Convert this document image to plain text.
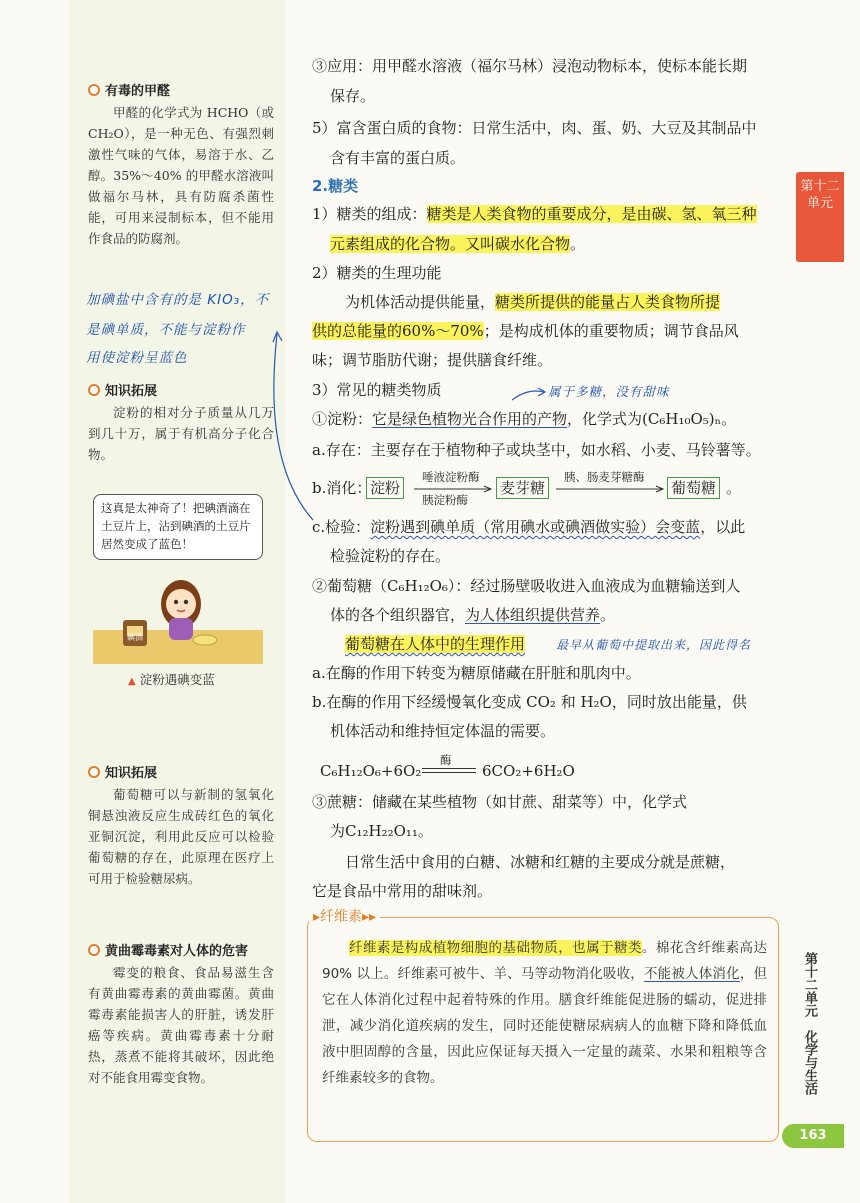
有毒的甲醛
甲醛的化学式为 HCHO（或 CH₂O），是一种无色、有强烈刺激性气味的气体，易溶于水、乙醇。35%～40% 的甲醛水溶液叫做福尔马林，具有防腐杀菌性能，可用来浸制标本，但不能用作食品的防腐剂。
加碘盐中含有的是 KIO₃，不
是碘单质，不能与淀粉作
用使淀粉呈蓝色
知识拓展
淀粉的相对分子质量从几万到几十万，属于有机高分子化合物。
这真是太神奇了！把碘酒滴在土豆片上，沾到碘酒的土豆片居然变成了蓝色！
碘酒
▲ 淀粉遇碘变蓝
知识拓展
葡萄糖可以与新制的氢氧化铜悬浊液反应生成砖红色的氧化亚铜沉淀，利用此反应可以检验葡萄糖的存在，此原理在医疗上可用于检验糖尿病。
黄曲霉毒素对人体的危害
霉变的粮食、食品易滋生含有黄曲霉毒素的黄曲霉菌。黄曲霉毒素能损害人的肝脏，诱发肝癌等疾病。黄曲霉毒素十分耐热，蒸煮不能将其破坏，因此绝对不能食用霉变食物。
③应用：用甲醛水溶液（福尔马林）浸泡动物标本，使标本能长期
保存。
5）富含蛋白质的食物：日常生活中，肉、蛋、奶、大豆及其制品中
含有丰富的蛋白质。
2.糖类
1）糖类的组成：糖类是人类食物的重要成分，是由碳、氢、氧三种
元素组成的化合物。又叫碳水化合物。
2）糖类的生理功能
为机体活动提供能量，糖类所提供的能量占人类食物所提
供的总能量的60%～70%；是构成机体的重要物质；调节食品风
味；调节脂肪代谢；提供膳食纤维。
3）常见的糖类物质	属于多糖，没有甜味
①淀粉：它是绿色植物光合作用的产物，化学式为(C₆H₁₀O₅)ₙ。
a.存在：主要存在于植物种子或块茎中，如水稻、小麦、马铃薯等。
b.消化：
淀粉
唾液淀粉酶
胰淀粉酶
麦芽糖
胰、肠麦芽糖酶
葡萄糖 。
c.检验：淀粉遇到碘单质（常用碘水或碘酒做实验）会变蓝，以此
检验淀粉的存在。
②葡萄糖（C₆H₁₂O₆）：经过肠壁吸收进入血液成为血糖输送到人
体的各个组织器官，为人体组织提供营养。
葡萄糖在人体中的生理作用	最早从葡萄中提取出来，因此得名
a.在酶的作用下转变为糖原储藏在肝脏和肌肉中。
b.在酶的作用下经缓慢氧化变成 CO₂ 和 H₂O，同时放出能量，供
机体活动和维持恒定体温的需要。
C₆H₁₂O₆+6O₂
酶
6CO₂+6H₂O
③蔗糖：储藏在某些植物（如甘蔗、甜菜等）中，化学式
为C₁₂H₂₂O₁₁。
日常生活中食用的白糖、冰糖和红糖的主要成分就是蔗糖，
它是食品中常用的甜味剂。
▸纤维素▸▸
纤维素是构成植物细胞的基础物质，也属于糖类。棉花含纤维素高达 90% 以上。纤维素可被牛、羊、马等动物消化吸收，不能被人体消化，但它在人体消化过程中起着特殊的作用。膳食纤维能促进肠的蠕动，促进排泄，减少消化道疾病的发生，同时还能使糖尿病病人的血糖下降和降低血液中胆固醇的含量，因此应保证每天摄入一定量的蔬菜、水果和粗粮等含纤维素较多的食物。
第十二单元
第十二单元　化学与生活
163
